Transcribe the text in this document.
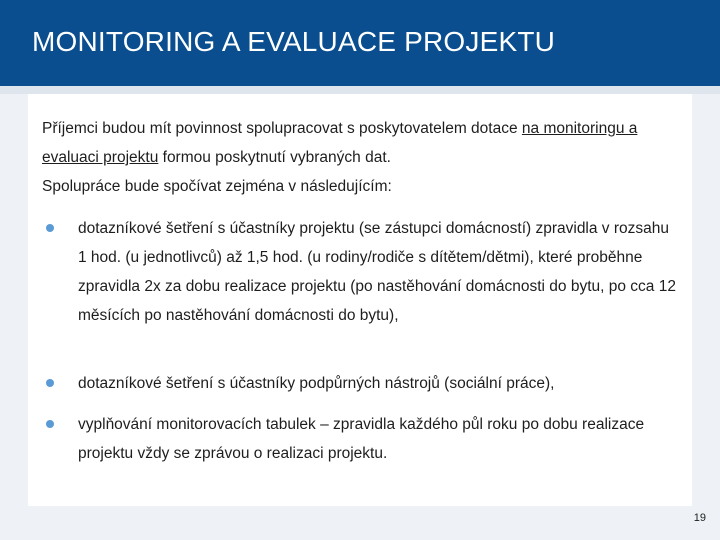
MONITORING A EVALUACE PROJEKTU
Příjemci budou mít povinnost spolupracovat s poskytovatelem dotace na monitoringu a evaluaci projektu formou poskytnutí vybraných dat.
Spolupráce bude spočívat zejména v následujícím:
dotazníkové šetření s účastníky projektu (se zástupci domácností) zpravidla v rozsahu 1 hod. (u jednotlivců) až 1,5 hod. (u rodiny/rodiče s dítětem/dětmi), které proběhne zpravidla 2x za dobu realizace projektu (po nastěhování domácnosti do bytu, po cca 12 měsících po nastěhování domácnosti do bytu),
dotazníkové šetření s účastníky podpůrných nástrojů (sociální práce),
vyplňování monitorovacích tabulek – zpravidla každého půl roku po dobu realizace projektu vždy se zprávou o realizaci projektu.
19
